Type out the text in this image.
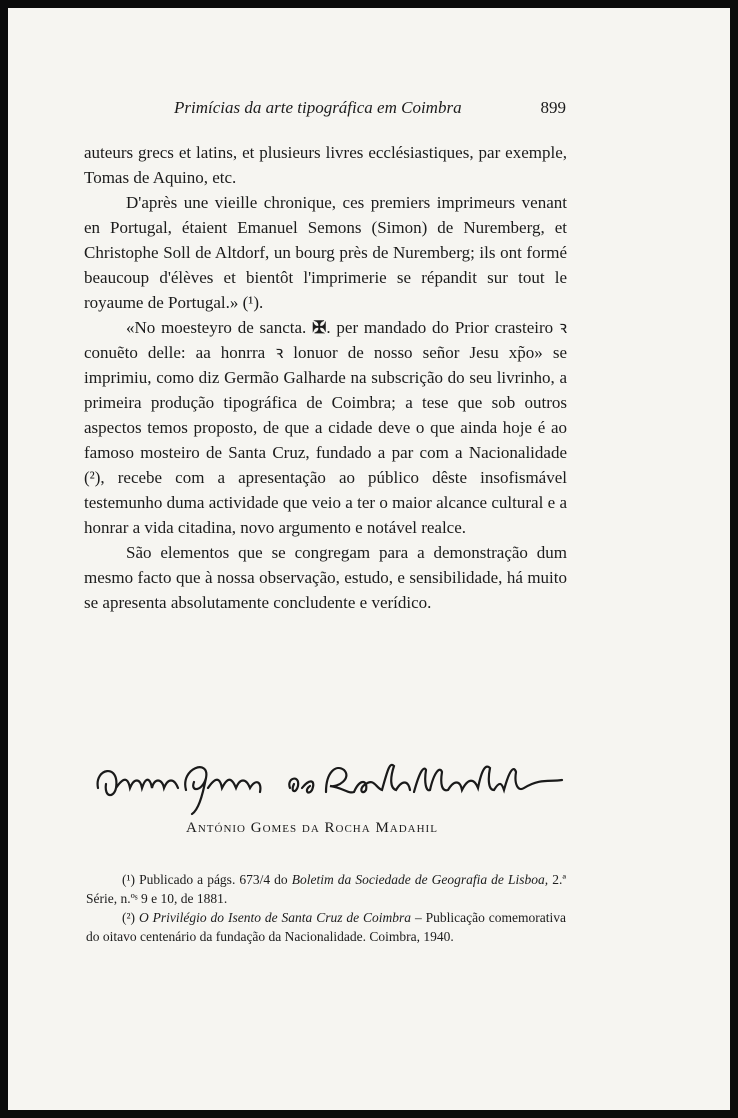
Primícias da arte tipográfica em Coimbra	899

auteurs grecs et latins, et plusieurs livres ecclésiastiques, par exemple, Tomas de Aquino, etc.

D'après une vieille chronique, ces premiers imprimeurs venant en Portugal, étaient Emanuel Semons (Simon) de Nuremberg, et Christophe Soll de Altdorf, un bourg près de Nuremberg; ils ont formé beaucoup d'élèves et bientôt l'imprimerie se répandit sur tout le royaume de Portugal.» (¹).

«No moesteyro de sancta. ✠. per mandado do Prior crasteiro ꝛ conuẽto delle: aa honrra ꝛ lonuor de nosso señor Jesu xp̃o» se imprimiu, como diz Germão Galharde na subscrição do seu livrinho, a primeira produção tipográfica de Coimbra; a tese que sob outros aspectos temos proposto, de que a cidade deve o que ainda hoje é ao famoso mosteiro de Santa Cruz, fundado a par com a Nacionalidade (²), recebe com a apresentação ao público dêste insofismável testemunho duma actividade que veio a ter o maior alcance cultural e a honrar a vida citadina, novo argumento e notável realce.

São elementos que se congregam para a demonstração dum mesmo facto que à nossa observação, estudo, e sensibilidade, há muito se apresenta absolutamente concludente e verídico.

António Gomes da Rocha Madahil
António Gomes da Rocha Madahil

(¹) Publicado a págs. 673/4 do Boletim da Sociedade de Geografia de Lisboa, 2.ª Série, n.ºˢ 9 e 10, de 1881.

(²) O Privilégio do Isento de Santa Cruz de Coimbra – Publicação comemorativa do oitavo centenário da fundação da Nacionalidade. Coimbra, 1940.
